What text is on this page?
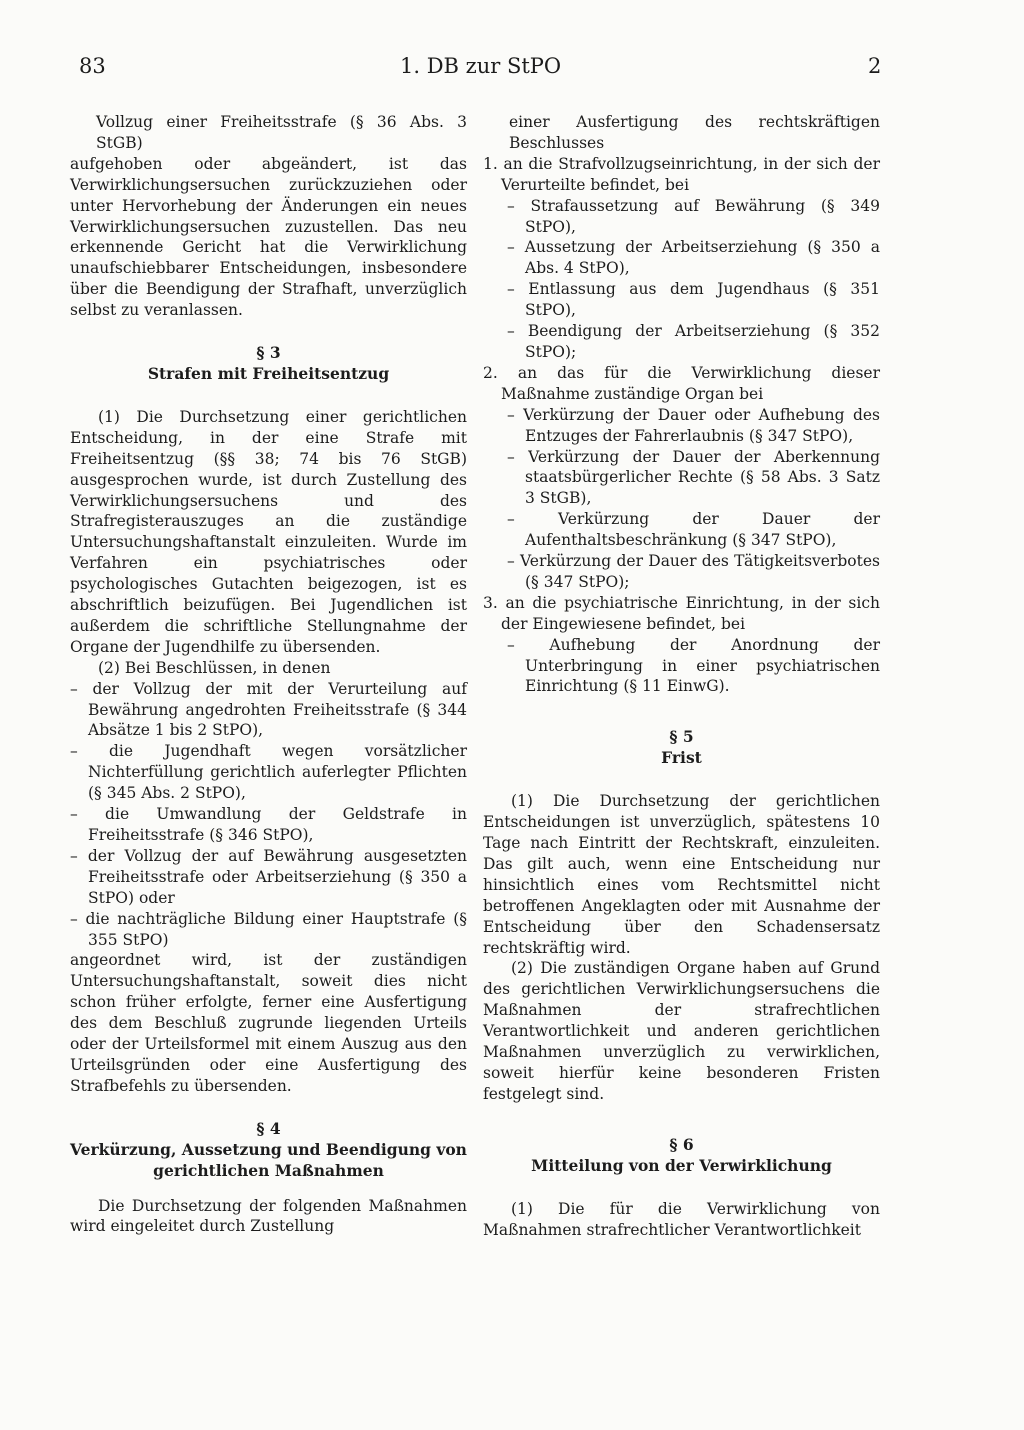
83	1. DB zur StPO	2

Vollzug einer Freiheitsstrafe (§ 36 Abs. 3 StGB)

aufgehoben oder abgeändert, ist das Verwirklichungsersuchen zurückzuziehen oder unter Hervorhebung der Änderungen ein neues Verwirklichungsersuchen zuzustellen. Das neu erkennende Gericht hat die Verwirklichung unaufschiebbarer Entscheidungen, insbesondere über die Beendigung der Strafhaft, unverzüglich selbst zu veranlassen.

§ 3

Strafen mit Freiheitsentzug

(1) Die Durchsetzung einer gerichtlichen Entscheidung, in der eine Strafe mit Freiheitsentzug (§§ 38; 74 bis 76 StGB) ausgesprochen wurde, ist durch Zustellung des Verwirklichungsersuchens und des Strafregisterauszuges an die zuständige Untersuchungshaftanstalt einzuleiten. Wurde im Verfahren ein psychiatrisches oder psychologisches Gutachten beigezogen, ist es abschriftlich beizufügen. Bei Jugendlichen ist außerdem die schriftliche Stellungnahme der Organe der Jugendhilfe zu übersenden.

(2) Bei Beschlüssen, in denen

– der Vollzug der mit der Verurteilung auf Bewährung angedrohten Freiheitsstrafe (§ 344 Absätze 1 bis 2 StPO),

– die Jugendhaft wegen vorsätzlicher Nichterfüllung gerichtlich auferlegter Pflichten (§ 345 Abs. 2 StPO),

– die Umwandlung der Geldstrafe in Freiheitsstrafe (§ 346 StPO),

– der Vollzug der auf Bewährung ausgesetzten Freiheitsstrafe oder Arbeitserziehung (§ 350 a StPO) oder

– die nachträgliche Bildung einer Hauptstrafe (§ 355 StPO)

angeordnet wird, ist der zuständigen Untersuchungshaftanstalt, soweit dies nicht schon früher erfolgte, ferner eine Ausfertigung des dem Beschluß zugrunde liegenden Urteils oder der Urteilsformel mit einem Auszug aus den Urteilsgründen oder eine Ausfertigung des Strafbefehls zu übersenden.

§ 4

Verkürzung, Aussetzung und Beendigung von gerichtlichen Maßnahmen

Die Durchsetzung der folgenden Maßnahmen wird eingeleitet durch Zustellung

einer Ausfertigung des rechtskräftigen Beschlusses

1. an die Strafvollzugseinrichtung, in der sich der Verurteilte befindet, bei

– Strafaussetzung auf Bewährung (§ 349 StPO),

– Aussetzung der Arbeitserziehung (§ 350 a Abs. 4 StPO),

– Entlassung aus dem Jugendhaus (§ 351 StPO),

– Beendigung der Arbeitserziehung (§ 352 StPO);

2. an das für die Verwirklichung dieser Maßnahme zuständige Organ bei

– Verkürzung der Dauer oder Aufhebung des Entzuges der Fahrerlaubnis (§ 347 StPO),

– Verkürzung der Dauer der Aberkennung staatsbürgerlicher Rechte (§ 58 Abs. 3 Satz 3 StGB),

– Verkürzung der Dauer der Aufenthaltsbeschränkung (§ 347 StPO),

– Verkürzung der Dauer des Tätigkeitsverbotes (§ 347 StPO);

3. an die psychiatrische Einrichtung, in der sich der Eingewiesene befindet, bei

– Aufhebung der Anordnung der Unterbringung in einer psychiatrischen Einrichtung (§ 11 EinwG).

§ 5

Frist

(1) Die Durchsetzung der gerichtlichen Entscheidungen ist unverzüglich, spätestens 10 Tage nach Eintritt der Rechtskraft, einzuleiten. Das gilt auch, wenn eine Entscheidung nur hinsichtlich eines vom Rechtsmittel nicht betroffenen Angeklagten oder mit Ausnahme der Entscheidung über den Schadensersatz rechtskräftig wird.

(2) Die zuständigen Organe haben auf Grund des gerichtlichen Verwirklichungsersuchens die Maßnahmen der strafrechtlichen Verantwortlichkeit und anderen gerichtlichen Maßnahmen unverzüglich zu verwirklichen, soweit hierfür keine besonderen Fristen festgelegt sind.

§ 6

Mitteilung von der Verwirklichung

(1) Die für die Verwirklichung von Maßnahmen strafrechtlicher Verantwortlichkeit
